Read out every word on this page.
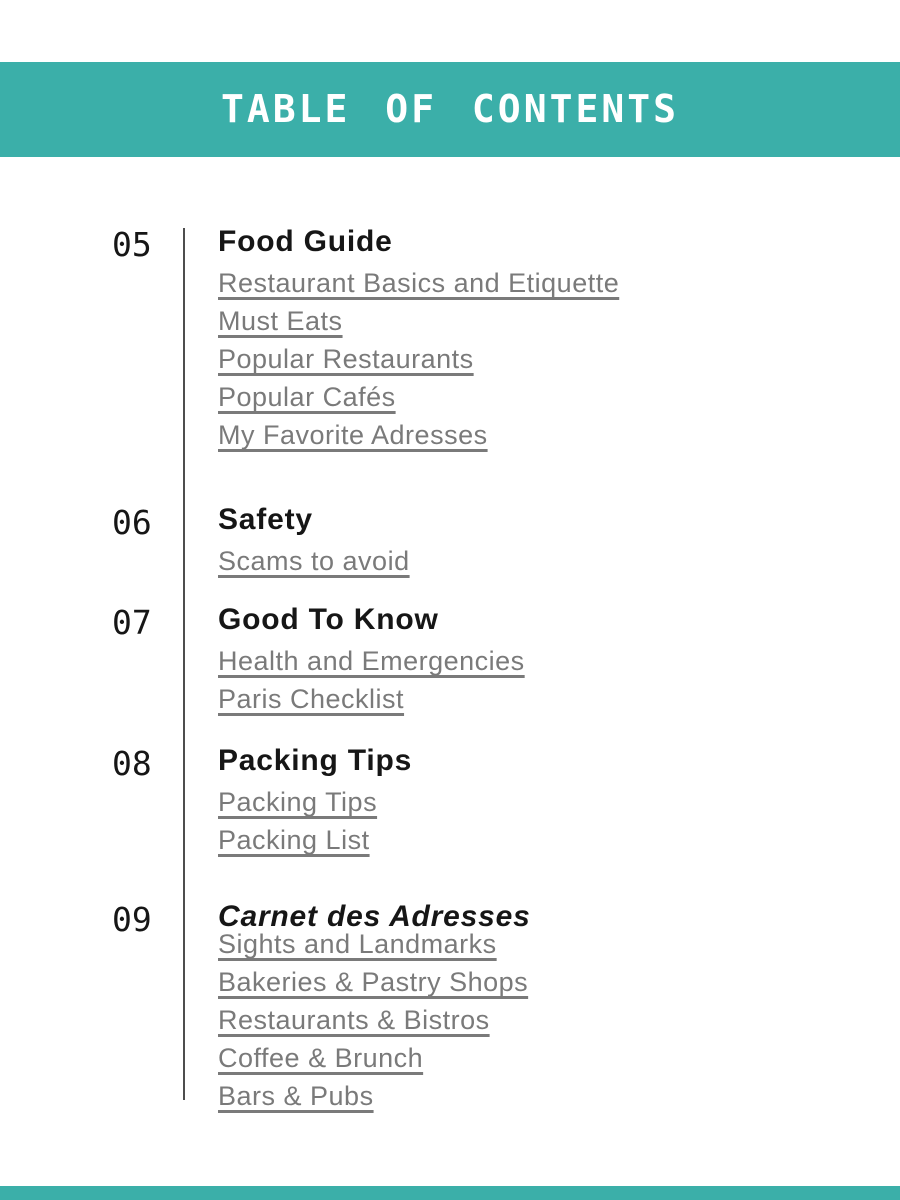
TABLE OF CONTENTS
05 Food Guide
Restaurant Basics and Etiquette
Must Eats
Popular Restaurants
Popular Cafés
My Favorite Adresses
06 Safety
Scams to avoid
07 Good To Know
Health and Emergencies
Paris Checklist
08 Packing Tips
Packing Tips
Packing List
09 Carnet des Adresses
Sights and Landmarks
Bakeries & Pastry Shops
Restaurants & Bistros
Coffee & Brunch
Bars & Pubs
